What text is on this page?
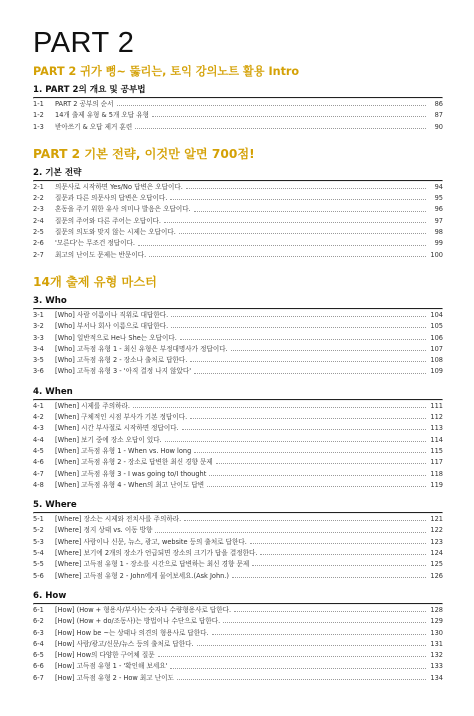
PART 2
PART 2 귀가 뻥~ 뚫리는, 토익 강의노트 활용 Intro
1. PART 2의 개요 및 공부법
1-1	PART 2 공부의 순서	86
1-2	14개 출제 유형 & 5개 오답 유형	87
1-3	받아쓰기 & 오답 제거 훈련	90
PART 2 기본 전략, 이것만 알면 700점!
2. 기본 전략
2-1	의문사로 시작하면 Yes/No 답변은 오답이다.	94
2-2	질문과 다른 의문사의 답변은 오답이다.	95
2-3	혼동을 주기 위한 유사 의미나 발음은 오답이다.	96
2-4	질문의 주어와 다른 주어는 오답이다.	97
2-5	질문의 의도와 맞지 않는 시제는 오답이다.	98
2-6	'모른다'는 무조건 정답이다.	99
2-7	최고의 난이도 문제는 반문이다.	100
14개 출제 유형 마스터
3. Who
3-1	[Who] 사람 이름이나 직위로 대답한다.	104
3-2	[Who] 부서나 회사 이름으로 대답한다.	105
3-3	[Who] 일반적으로 He나 She는 오답이다.	106
3-4	[Who] 고득점 유형 1 - 최신 유형은 부정대명사가 정답이다.	107
3-5	[Who] 고득점 유형 2 - 장소나 출처로 답한다.	108
3-6	[Who] 고득점 유형 3 - '아직 결정 나지 않았다'	109
4. When
4-1	[When] 시제를 주의하라.	111
4-2	[When] 구체적인 시점 부사가 기본 정답이다.	112
4-3	[When] 시간 부사절로 시작하면 정답이다.	113
4-4	[When] 보기 중에 장소 오답이 있다.	114
4-5	[When] 고득점 유형 1 - When vs. How long	115
4-6	[When] 고득점 유형 2 - 장소로 답변한 최신 경향 문제	117
4-7	[When] 고득점 유형 3 - I was going to/I thought	118
4-8	[When] 고득점 유형 4 - When의 최고 난이도 답변	119
5. Where
5-1	[Where] 장소는 시제와 전치사를 주의하라.	121
5-2	[Where] 정지 상태 vs. 이동 방향	122
5-3	[Where] 사람이나 신문, 뉴스, 광고, website 등의 출처로 답한다.	123
5-4	[Where] 보기에 2개의 장소가 언급되면 장소의 크기가 답을 결정한다.	124
5-5	[Where] 고득점 유형 1 - 장소를 시간으로 답변하는 최신 경향 문제	125
5-6	[Where] 고득점 유형 2 - John에게 물어보세요.(Ask John.)	126
6. How
6-1	[How] (How + 형용사/부사)는 숫자나 수량형용사로 답한다.	128
6-2	[How] (How + do/조동사)는 방법이나 수단으로 답한다.	129
6-3	[How] How be ~는 상태나 의견의 형용사로 답한다.	130
6-4	[How] 사람/광고/신문/뉴스 등의 출처로 답한다.	131
6-5	[How] How의 다양한 구어체 질문	132
6-6	[How] 고득점 유형 1 - '확인해 보세요'	133
6-7	[How] 고득점 유형 2 - How 최고 난이도	134
